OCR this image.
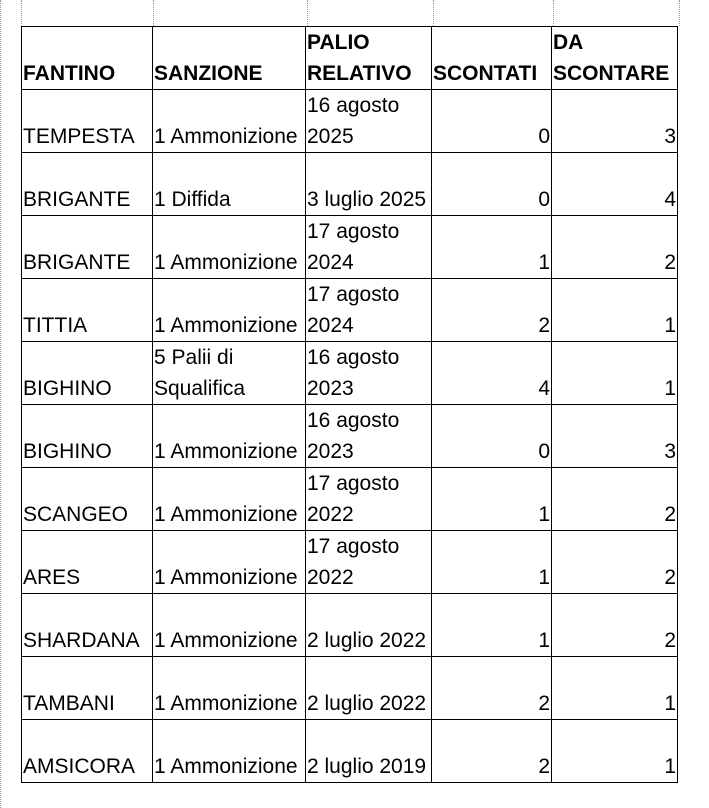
FANTINO	SANZIONE	PALIO RELATIVO	SCONTATI	DA SCONTARE
TEMPESTA	1 Ammonizione	16 agosto 2025	0	3
BRIGANTE	1 Diffida	3 luglio 2025	0	4
BRIGANTE	1 Ammonizione	17 agosto 2024	1	2
TITTIA	1 Ammonizione	17 agosto 2024	2	1
BIGHINO	5 Palii di Squalifica	16 agosto 2023	4	1
BIGHINO	1 Ammonizione	16 agosto 2023	0	3
SCANGEO	1 Ammonizione	17 agosto 2022	1	2
ARES	1 Ammonizione	17 agosto 2022	1	2
SHARDANA	1 Ammonizione	2 luglio 2022	1	2
TAMBANI	1 Ammonizione	2 luglio 2022	2	1
AMSICORA	1 Ammonizione	2 luglio 2019	2	1
